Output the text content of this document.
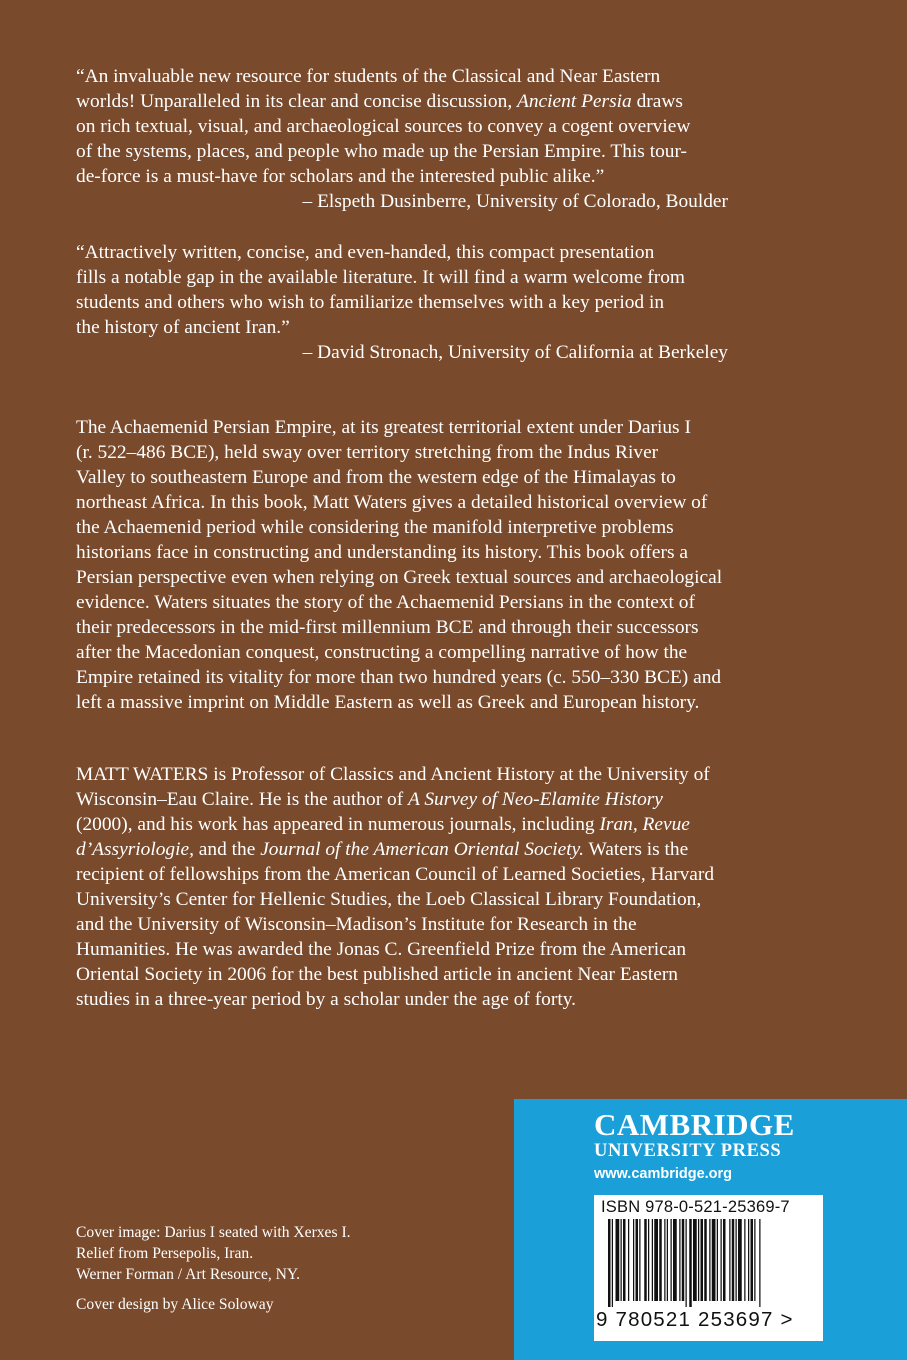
“An invaluable new resource for students of the Classical and Near Eastern

worlds! Unparalleled in its clear and concise discussion, Ancient Persia draws

on rich textual, visual, and archaeological sources to convey a cogent overview

of the systems, places, and people who made up the Persian Empire. This tour-

de-force is a must-have for scholars and the interested public alike.”

– Elspeth Dusinberre, University of Colorado, Boulder

“Attractively written, concise, and even-handed, this compact presentation

fills a notable gap in the available literature. It will find a warm welcome from

students and others who wish to familiarize themselves with a key period in

the history of ancient Iran.”

– David Stronach, University of California at Berkeley

The Achaemenid Persian Empire, at its greatest territorial extent under Darius I

(r. 522–486 BCE), held sway over territory stretching from the Indus River

Valley to southeastern Europe and from the western edge of the Himalayas to

northeast Africa. In this book, Matt Waters gives a detailed historical overview of

the Achaemenid period while considering the manifold interpretive problems

historians face in constructing and understanding its history. This book offers a

Persian perspective even when relying on Greek textual sources and archaeological

evidence. Waters situates the story of the Achaemenid Persians in the context of

their predecessors in the mid-first millennium BCE and through their successors

after the Macedonian conquest, constructing a compelling narrative of how the

Empire retained its vitality for more than two hundred years (c. 550–330 BCE) and

left a massive imprint on Middle Eastern as well as Greek and European history.

MATT WATERS is Professor of Classics and Ancient History at the University of

Wisconsin–Eau Claire. He is the author of A Survey of Neo-Elamite History

(2000), and his work has appeared in numerous journals, including Iran, Revue

d’Assyriologie, and the Journal of the American Oriental Society. Waters is the

recipient of fellowships from the American Council of Learned Societies, Harvard

University’s Center for Hellenic Studies, the Loeb Classical Library Foundation,

and the University of Wisconsin–Madison’s Institute for Research in the

Humanities. He was awarded the Jonas C. Greenfield Prize from the American

Oriental Society in 2006 for the best published article in ancient Near Eastern

studies in a three-year period by a scholar under the age of forty.

Cover image: Darius I seated with Xerxes I.

Relief from Persepolis, Iran.

Werner Forman / Art Resource, NY.

Cover design by Alice Soloway

CAMBRIDGE
UNIVERSITY PRESS
www.cambridge.org
ISBN 978-0-521-25369-7
9 780521 253697 >
